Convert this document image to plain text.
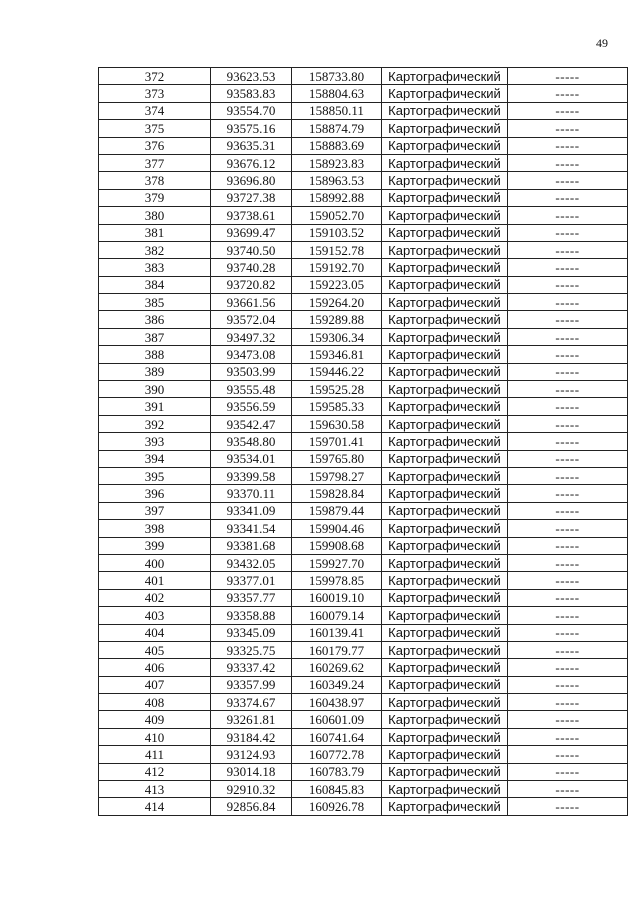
49
372	93623.53	158733.80	Картографический	-----
373	93583.83	158804.63	Картографический	-----
374	93554.70	158850.11	Картографический	-----
375	93575.16	158874.79	Картографический	-----
376	93635.31	158883.69	Картографический	-----
377	93676.12	158923.83	Картографический	-----
378	93696.80	158963.53	Картографический	-----
379	93727.38	158992.88	Картографический	-----
380	93738.61	159052.70	Картографический	-----
381	93699.47	159103.52	Картографический	-----
382	93740.50	159152.78	Картографический	-----
383	93740.28	159192.70	Картографический	-----
384	93720.82	159223.05	Картографический	-----
385	93661.56	159264.20	Картографический	-----
386	93572.04	159289.88	Картографический	-----
387	93497.32	159306.34	Картографический	-----
388	93473.08	159346.81	Картографический	-----
389	93503.99	159446.22	Картографический	-----
390	93555.48	159525.28	Картографический	-----
391	93556.59	159585.33	Картографический	-----
392	93542.47	159630.58	Картографический	-----
393	93548.80	159701.41	Картографический	-----
394	93534.01	159765.80	Картографический	-----
395	93399.58	159798.27	Картографический	-----
396	93370.11	159828.84	Картографический	-----
397	93341.09	159879.44	Картографический	-----
398	93341.54	159904.46	Картографический	-----
399	93381.68	159908.68	Картографический	-----
400	93432.05	159927.70	Картографический	-----
401	93377.01	159978.85	Картографический	-----
402	93357.77	160019.10	Картографический	-----
403	93358.88	160079.14	Картографический	-----
404	93345.09	160139.41	Картографический	-----
405	93325.75	160179.77	Картографический	-----
406	93337.42	160269.62	Картографический	-----
407	93357.99	160349.24	Картографический	-----
408	93374.67	160438.97	Картографический	-----
409	93261.81	160601.09	Картографический	-----
410	93184.42	160741.64	Картографический	-----
411	93124.93	160772.78	Картографический	-----
412	93014.18	160783.79	Картографический	-----
413	92910.32	160845.83	Картографический	-----
414	92856.84	160926.78	Картографический	-----
